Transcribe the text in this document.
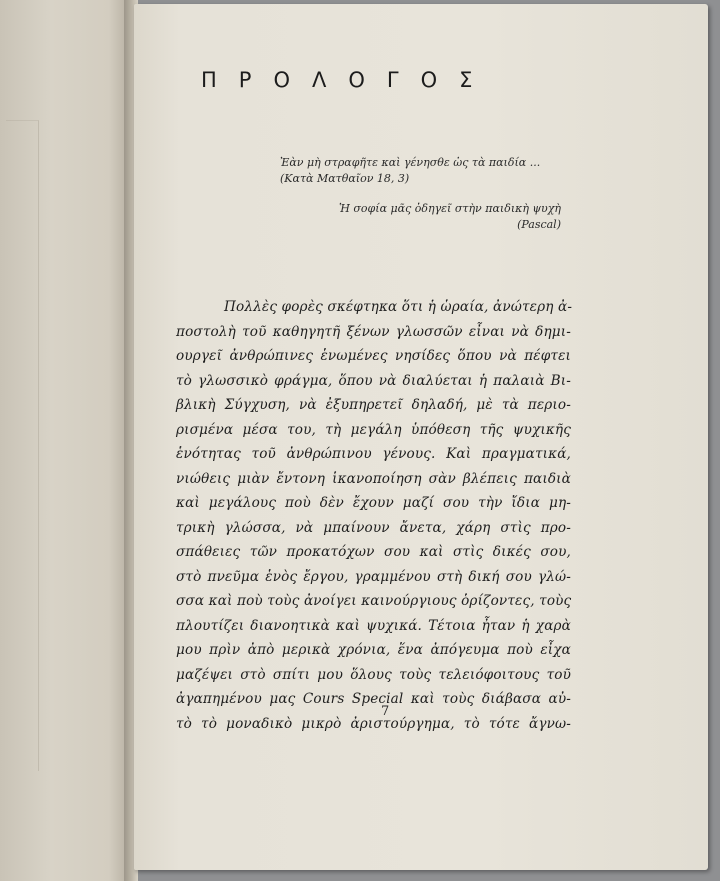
ΠΡΟΛΟΓΟΣ
Ἐὰν μὴ στραφῆτε καὶ γένησθε ὡς τὰ παιδία ...
(Κατὰ Ματθαῖον 18, 3)
Ἡ σοφία μᾶς ὁδηγεῖ στὴν παιδικὴ ψυχὴ
(Pascal)
Πολλὲς φορὲς σκέφτηκα ὅτι ἡ ὡραία, ἀνώτερη ἀ-
ποστολὴ τοῦ καθηγητῆ ξένων γλωσσῶν εἶναι νὰ δημι-
ουργεῖ ἀνθρώπινες ἑνωμένες νησίδες ὅπου νὰ πέφτει
τὸ γλωσσικὸ φράγμα, ὅπου νὰ διαλύεται ἡ παλαιὰ Βι-
βλικὴ Σύγχυση, νὰ ἐξυπηρετεῖ δηλαδή, μὲ τὰ περιο-
ρισμένα μέσα του, τὴ μεγάλη ὑπόθεση τῆς ψυχικῆς
ἑνότητας τοῦ ἀνθρώπινου γένους. Καὶ πραγματικά,
νιώθεις μιὰν ἔντονη ἱκανοποίηση σὰν βλέπεις παιδιὰ
καὶ μεγάλους ποὺ δὲν ἔχουν μαζί σου τὴν ἴδια μη-
τρικὴ γλώσσα, νὰ μπαίνουν ἄνετα, χάρη στὶς προ-
σπάθειες τῶν προκατόχων σου καὶ στὶς δικές σου,
στὸ πνεῦμα ἑνὸς ἔργου, γραμμένου στὴ δική σου γλώ-
σσα καὶ ποὺ τοὺς ἀνοίγει καινούργιους ὁρίζοντες, τοὺς
πλουτίζει διανοητικὰ καὶ ψυχικά. Τέτοια ἦταν ἡ χαρὰ
μου πρὶν ἀπὸ μερικὰ χρόνια, ἕνα ἀπόγευμα ποὺ εἶχα
μαζέψει στὸ σπίτι μου ὅλους τοὺς τελειόφοιτους τοῦ
ἀγαπημένου μας Cours Special καὶ τοὺς διάβασα αὐ-
τὸ τὸ μοναδικὸ μικρὸ ἀριστούργημα, τὸ τότε ἄγνω-
7
